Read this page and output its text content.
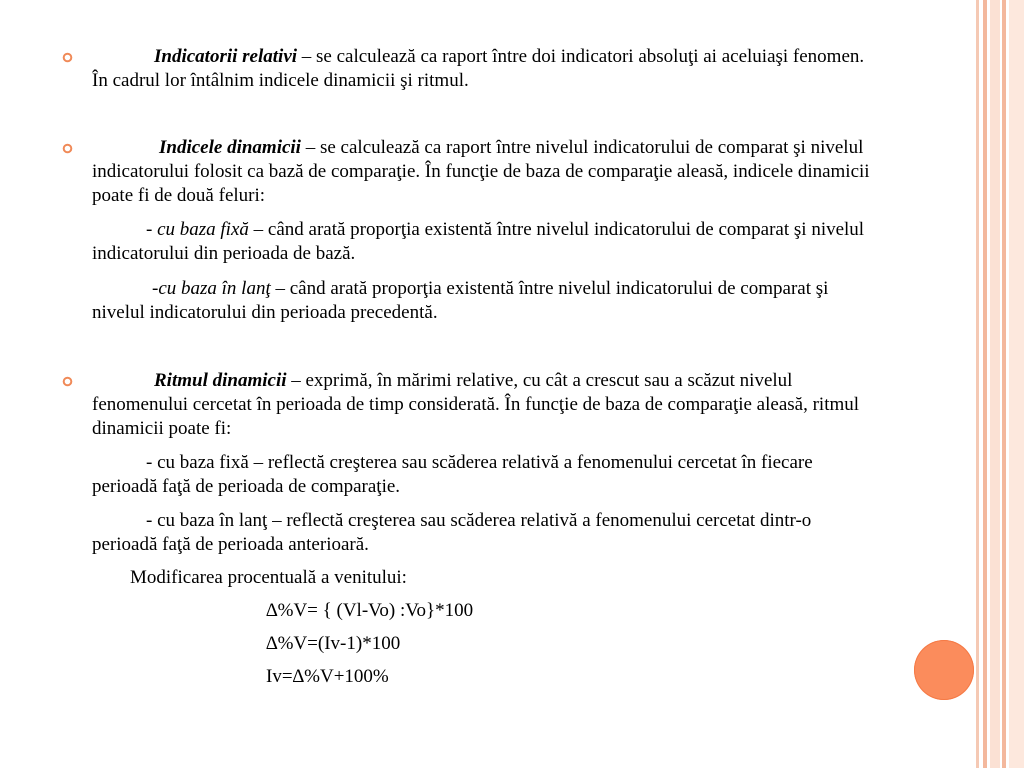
Indicatorii relativi – se calculează ca raport între doi indicatori absoluţi ai aceluiaşi fenomen. În cadrul lor întâlnim indicele dinamicii şi ritmul.

Indicele dinamicii – se calculează ca raport între nivelul indicatorului de comparat şi nivelul indicatorului folosit ca bază de comparaţie. În funcţie de baza de comparaţie aleasă, indicele dinamicii poate fi de două feluri:

- cu baza fixă – când arată proporţia existentă între nivelul indicatorului de comparat şi nivelul indicatorului din perioada de bază.

-cu baza în lanţ – când arată proporţia existentă între nivelul indicatorului de comparat şi nivelul indicatorului din perioada precedentă.

Ritmul dinamicii – exprimă, în mărimi relative, cu cât a crescut sau a scăzut nivelul fenomenului cercetat în perioada de timp considerată. În funcţie de baza de comparaţie aleasă, ritmul dinamicii poate fi:

- cu baza fixă – reflectă creşterea sau scăderea relativă a fenomenului cercetat în fiecare perioadă faţă de perioada de comparaţie.

- cu baza în lanţ – reflectă creşterea sau scăderea relativă a fenomenului cercetat dintr-o perioadă faţă de perioada anterioară.

Modificarea procentuală a venitului:

∆%V= { (Vl-Vo) :Vo}*100
∆%V=(Iv-1)*100
Iv=∆%V+100%
